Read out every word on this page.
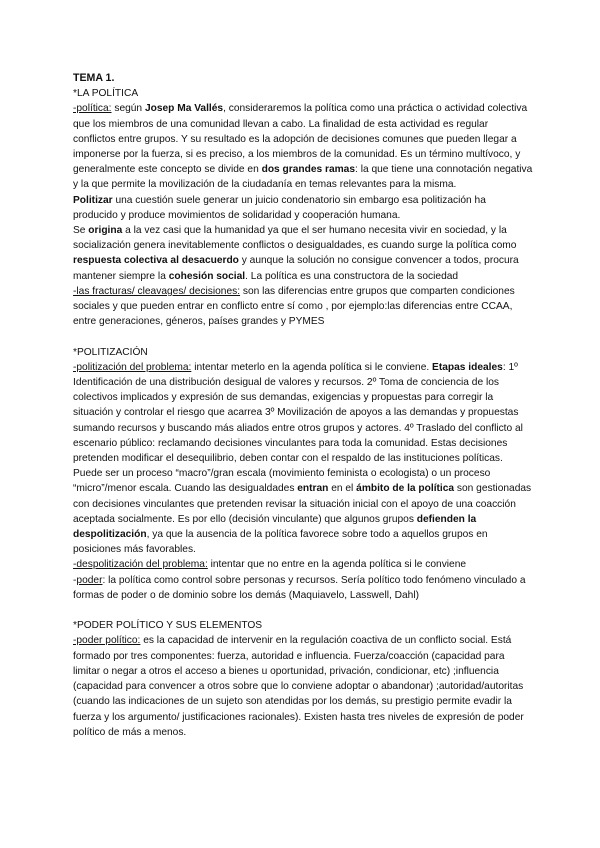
TEMA 1.

*LA POLÍTICA

-política: según Josep Ma Vallés, consideraremos la política como una práctica o actividad colectiva que los miembros de una comunidad llevan a cabo. La finalidad de esta actividad es regular conflictos entre grupos. Y su resultado es la adopción de decisiones comunes que pueden llegar a imponerse por la fuerza, si es preciso, a los miembros de la comunidad. Es un término multívoco, y generalmente este concepto se divide en dos grandes ramas: la que tiene una connotación negativa y la que permite la movilización de la ciudadanía en temas relevantes para la misma.

Politizar una cuestión suele generar un juicio condenatorio sin embargo esa politización ha producido y produce movimientos de solidaridad y cooperación humana.

Se origina a la vez casi que la humanidad ya que el ser humano necesita vivir en sociedad, y la socialización genera inevitablemente conflictos o desigualdades, es cuando surge la política como respuesta colectiva al desacuerdo y aunque la solución no consigue convencer a todos, procura mantener siempre la cohesión social. La política es una constructora de la sociedad

-las fracturas/ cleavages/ decisiones: son las diferencias entre grupos que comparten condiciones sociales y que pueden entrar en conflicto entre sí como , por ejemplo:las diferencias entre CCAA, entre generaciones, géneros, países grandes y PYMES

*POLITIZACIÓN

-politización del problema: intentar meterlo en la agenda política si le conviene. Etapas ideales: 1º Identificación de una distribución desigual de valores y recursos. 2º Toma de conciencia de los colectivos implicados y expresión de sus demandas, exigencias y propuestas para corregir la situación y controlar el riesgo que acarrea 3º Movilización de apoyos a las demandas y propuestas sumando recursos y buscando más aliados entre otros grupos y actores. 4º Traslado del conflicto al escenario público: reclamando decisiones vinculantes para toda la comunidad. Estas decisiones pretenden modificar el desequilibrio, deben contar con el respaldo de las instituciones políticas. Puede ser un proceso “macro”/gran escala (movimiento feminista o ecologista) o un proceso “micro”/menor escala. Cuando las desigualdades entran en el ámbito de la política son gestionadas con decisiones vinculantes que pretenden revisar la situación inicial con el apoyo de una coacción aceptada socialmente. Es por ello (decisión vinculante) que algunos grupos defienden la despolitización, ya que la ausencia de la política favorece sobre todo a aquellos grupos en posiciones más favorables.

-despolitización del problema: intentar que no entre en la agenda política si le conviene

-poder: la política como control sobre personas y recursos. Sería político todo fenómeno vinculado a formas de poder o de dominio sobre los demás (Maquiavelo, Lasswell, Dahl)

*PODER POLÍTICO Y SUS ELEMENTOS

-poder político: es la capacidad de intervenir en la regulación coactiva de un conflicto social. Está formado por tres componentes: fuerza, autoridad e influencia. Fuerza/coacción (capacidad para limitar o negar a otros el acceso a bienes u oportunidad, privación, condicionar, etc) ;influencia (capacidad para convencer a otros sobre que lo conviene adoptar o abandonar) ;autoridad/autoritas (cuando las indicaciones de un sujeto son atendidas por los demás, su prestigio permite evadir la fuerza y los argumento/ justificaciones racionales). Existen hasta tres niveles de expresión de poder político de más a menos.
